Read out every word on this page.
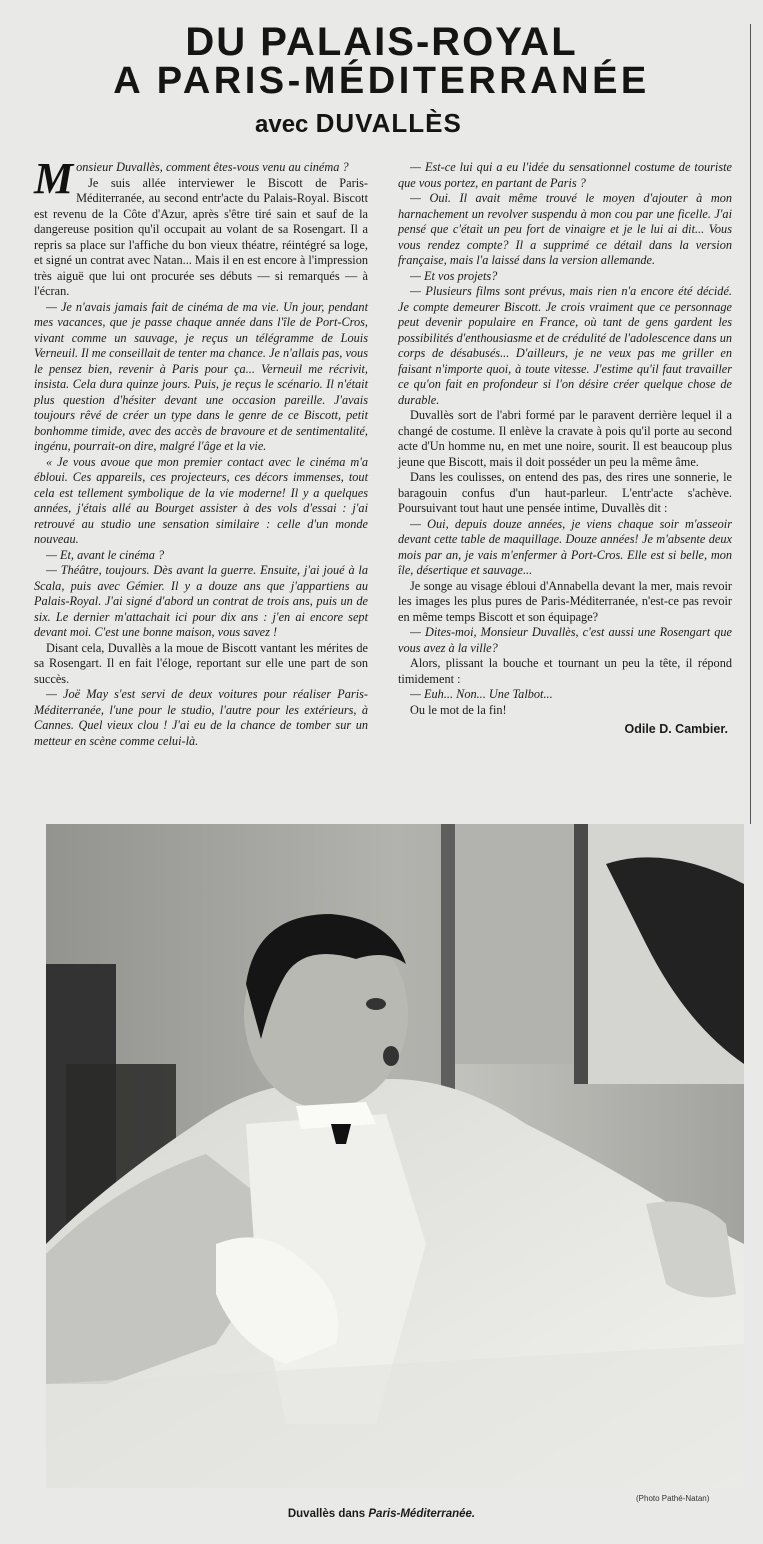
DU PALAIS-ROYAL
A PARIS-MÉDITERRANÉE
avec DUVALLÈS

Monsieur Duvallès, comment êtes-vous venu au cinéma ?

Je suis allée interviewer le Biscott de Paris-Méditerranée, au second entr'acte du Palais-Royal. Biscott est revenu de la Côte d'Azur, après s'être tiré sain et sauf de la dangereuse position qu'il occupait au volant de sa Rosengart. Il a repris sa place sur l'affiche du bon vieux théatre, réintégré sa loge, et signé un contrat avec Natan... Mais il en est encore à l'impression très aiguë que lui ont procurée ses débuts — si remarqués — à l'écran.

— Je n'avais jamais fait de cinéma de ma vie. Un jour, pendant mes vacances, que je passe chaque année dans l'île de Port-Cros, vivant comme un sauvage, je reçus un télégramme de Louis Verneuil. Il me conseillait de tenter ma chance. Je n'allais pas, vous le pensez bien, revenir à Paris pour ça... Verneuil me récrivit, insista. Cela dura quinze jours. Puis, je reçus le scénario. Il n'était plus question d'hésiter devant une occasion pareille. J'avais toujours rêvé de créer un type dans le genre de ce Biscott, petit bonhomme timide, avec des accès de bravoure et de sentimentalité, ingénu, pourrait-on dire, malgré l'âge et la vie.

« Je vous avoue que mon premier contact avec le cinéma m'a ébloui. Ces appareils, ces projecteurs, ces décors immenses, tout cela est tellement symbolique de la vie moderne! Il y a quelques années, j'étais allé au Bourget assister à des vols d'essai : j'ai retrouvé au studio une sensation similaire : celle d'un monde nouveau.

— Et, avant le cinéma ?

— Théâtre, toujours. Dès avant la guerre. Ensuite, j'ai joué à la Scala, puis avec Gémier. Il y a douze ans que j'appartiens au Palais-Royal. J'ai signé d'abord un contrat de trois ans, puis un de six. Le dernier m'attachait ici pour dix ans : j'en ai encore sept devant moi. C'est une bonne maison, vous savez !

Disant cela, Duvallès a la moue de Biscott vantant les mérites de sa Rosengart. Il en fait l'éloge, reportant sur elle une part de son succès.

— Joë May s'est servi de deux voitures pour réaliser Paris-Méditerranée, l'une pour le studio, l'autre pour les extérieurs, à Cannes. Quel vieux clou ! J'ai eu de la chance de tomber sur un metteur en scène comme celui-là.

— Est-ce lui qui a eu l'idée du sensationnel costume de touriste que vous portez, en partant de Paris ?

— Oui. Il avait même trouvé le moyen d'ajouter à mon harnachement un revolver suspendu à mon cou par une ficelle. J'ai pensé que c'était un peu fort de vinaigre et je le lui ai dit... Vous vous rendez compte? Il a supprimé ce détail dans la version française, mais l'a laissé dans la version allemande.

— Et vos projets?

— Plusieurs films sont prévus, mais rien n'a encore été décidé. Je compte demeurer Biscott. Je crois vraiment que ce personnage peut devenir populaire en France, où tant de gens gardent les possibilités d'enthousiasme et de crédulité de l'adolescence dans un corps de désabusés... D'ailleurs, je ne veux pas me griller en faisant n'importe quoi, à toute vitesse. J'estime qu'il faut travailler ce qu'on fait en profondeur si l'on désire créer quelque chose de durable.

Duvallès sort de l'abri formé par le paravent derrière lequel il a changé de costume. Il enlève la cravate à pois qu'il porte au second acte d'Un homme nu, en met une noire, sourit. Il est beaucoup plus jeune que Biscott, mais il doit posséder un peu la même âme.

Dans les coulisses, on entend des pas, des rires une sonnerie, le baragouin confus d'un haut-parleur. L'entr'acte s'achève. Poursuivant tout haut une pensée intime, Duvallès dit :

— Oui, depuis douze années, je viens chaque soir m'asseoir devant cette table de maquillage. Douze années! Je m'absente deux mois par an, je vais m'enfermer à Port-Cros. Elle est si belle, mon île, désertique et sauvage...

Je songe au visage ébloui d'Annabella devant la mer, mais revoir les images les plus pures de Paris-Méditerranée, n'est-ce pas revoir en même temps Biscott et son équipage?

— Dites-moi, Monsieur Duvallès, c'est aussi une Rosengart que vous avez à la ville?

Alors, plissant la bouche et tournant un peu la tête, il répond timidement :

— Euh... Non... Une Talbot...

Ou le mot de la fin!

Odile D. Cambier.
(Photo Pathé-Natan)
Duvallès dans Paris-Méditerranée.
